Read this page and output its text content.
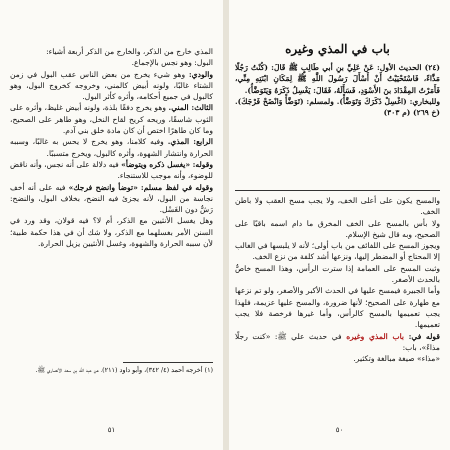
المذي خارج من الذكر، والخارج من الذكر أربعة أشياء:

البول: وهو نجس بالإجماع.

والودي: وهو شيء يخرج من بعض الناس عقب البول في زمن الشتاء غالبًا، ولونه أبيض كالمني، وخروجه كخروج البول، وهو كالبول في جميع أحكامه، وأثره كأثر البول.

الثالث: المني. وهو يخرج دفقًا بلذة، ولونه أبيض غليظ، وأثره على الثوب شاسقًا، وريحه كريح لقاح النخل، وهو طاهر على الصحيح، وما كان طاهرًا اختص أن كان مادة خلق بني آدم.

الرابع: المذي. وفيه كلامنا، وهو يخرج لا يحس به غالبًا، وسببه الحرارة وانتشار الشهوة، وأثره كالبول، ويخرج متسببًا.

وقوله: «يغسل ذكره ويتوضأ» فيه دلالة على أنه نجس، وأنه ناقض للوضوء، وأنه موجب للاستنجاء.

وقوله في لفظ مسلم: «توضأ وانضح فرجك» فيه على أنه أخف نجاسة من البول، لأنه يجزئ فيه النضح، بخلاف البول، والنضح: رَشٌّ دون الغَسْل.

وهل يغسل الأنثيين مع الذكر، أم لا؟ فيه قولان، وقد ورد في السنن الأمر بغسلهما مع الذكر، ولا شك أن في هذا حكمة طبية؛ لأن سببه الحرارة والشهوة، وغسل الأنثيين يزيل الحرارة.

(١) أخرجه أحمد (٤/ ٣٤٢)، وأبو داود (٢١١)، عن عبد الله بن سعد الأنصاري ﷺ.

٥١
باب في المذي وغيره

(٢٤) الحديث الأول: عَنْ عَلِيِّ بنِ أبي طَالِبٍ ﷺ قَالَ: (كُنْتُ رَجُلًا مَذَّاءً، فَاسْتَحْيَيْتُ أَنْ أَسْأَلَ رَسُولَ اللَّهِ ﷺ لِمَكَانِ ابْنَتِهِ مِنِّي، فَأَمَرْتُ المِقْدَادَ بنَ الأَسْوَدِ، فَسَأَلَهُ، فَقَالَ: يَغْسِلُ ذَكَرَهُ وَيَتَوَضَّأُ).

وللبخاري: (اغْسِلْ ذَكَرَكَ وَتَوَضَّأْ). ولمسلم: (تَوَضَّأْ وَانْضَحْ فَرْجَكَ). (خ ٢٦٩) (م ٣٠٣)

والمسح يكون على أعلى الخف، ولا يجب مسح العقب ولا باطن الخف.

ولا بأس بالمسح على الخف المخرق ما دام اسمه باقيًا على الصحيح، وبه قال شيخ الإسلام.

ويجوز المسح على اللفائف من باب أولى؛ لأنه لا يلبسها في الغالب إلا المحتاج أو المضطر إليها، ونزعها أشد كلفة من نزع الخف.

وثبت المسح على العمامة إذا سترت الرأس، وهذا المسح خاصٌّ بالحدث الأصغر.

وأما الجبيرة فيمسح عليها في الحدث الأكبر والأصغر، ولو تم نزعها مع طهارة على الصحيح؛ لأنها ضرورة، والمسح عليها عزيمة، فلهذا يجب تعميمها بالمسح كالرأس، وأما غيرها فرخصة فلا يجب تعميمها.

قوله في: باب المذي وغيره في حديث علي ﷺ: «كنت رجلًا مذاءً»، باب:

«مذاء» صيغة مبالغة وتكثير.

٥٠
